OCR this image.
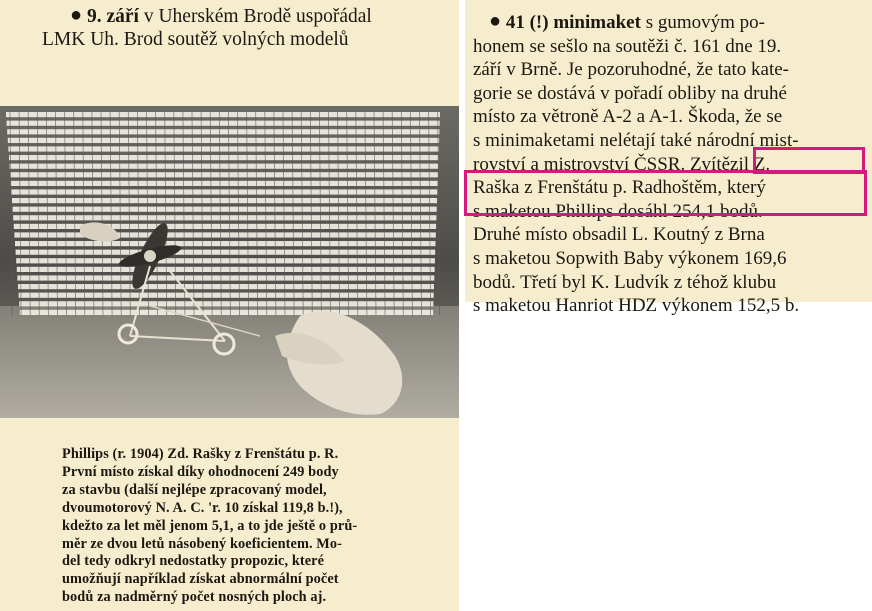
● 9. září v Uherském Brodě uspořádal
LMK Uh. Brod soutěž volných modelů

Phillips (r. 1904) Zd. Rašky z Frenštátu p. R.
První místo získal díky ohodnocení 249 body
za stavbu (další nejlépe zpracovaný model,
dvoumotorový N. A. C. 'r. 10 získal 119,8 b.!),
kdežto za let měl jenom 5,1, a to jde ještě o prů-
měr ze dvou letů násobený koeficientem. Mo-
del tedy odkryl nedostatky propozic, které
umožňují například získat abnormální počet
bodů za nadměrný počet nosných ploch aj.

● 41 (!) minimaket s gumovým po-
honem se sešlo na soutěži č. 161 dne 19.
září v Brně. Je pozoruhodné, že tato kate-
gorie se dostává v pořadí obliby na druhé
místo za větroně A-2 a A-1. Škoda, že se
s minimaketami nelétají také národní mist-
rovství a mistrovství ČSSR. Zvítězil Z.
Raška z Frenštátu p. Radhoštěm, který
s maketou Phillips dosáhl 254,1 bodů.
Druhé místo obsadil L. Koutný z Brna
s maketou Sopwith Baby výkonem 169,6
bodů. Třetí byl K. Ludvík z téhož klubu
s maketou Hanriot HDZ výkonem 152,5 b.
